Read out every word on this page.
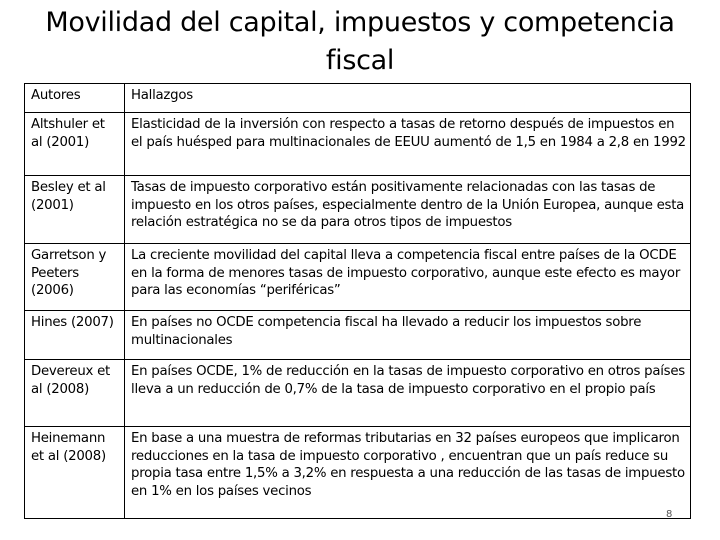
Movilidad del capital, impuestos y competencia fiscal
Autores	Hallazgos
Altshuler et al (2001)	Elasticidad de la inversión con respecto a tasas de retorno después de impuestos en el país huésped para multinacionales de EEUU aumentó de 1,5 en 1984 a 2,8 en 1992
Besley et al (2001)	Tasas de impuesto corporativo están positivamente relacionadas con las tasas de impuesto en los otros países, especialmente dentro de la Unión Europea, aunque esta relación estratégica no se da para otros tipos de impuestos
Garretson y Peeters (2006)	La creciente movilidad del capital lleva a competencia fiscal entre países de la OCDE en la forma de menores tasas de impuesto corporativo, aunque este efecto es mayor para las economías “periféricas”
Hines (2007)	En países no OCDE competencia fiscal ha llevado a reducir los impuestos sobre multinacionales
Devereux et al (2008)	En países OCDE, 1% de reducción en la tasas de impuesto corporativo en otros países lleva a un reducción de 0,7% de la tasa de impuesto corporativo en el propio país
Heinemann et al (2008)	En base a una muestra de reformas tributarias en 32 países europeos que implicaron reducciones en la tasa de impuesto corporativo , encuentran que un país reduce su propia tasa entre 1,5% a 3,2% en respuesta a una reducción de las tasas de impuesto en 1% en los países vecinos
8
